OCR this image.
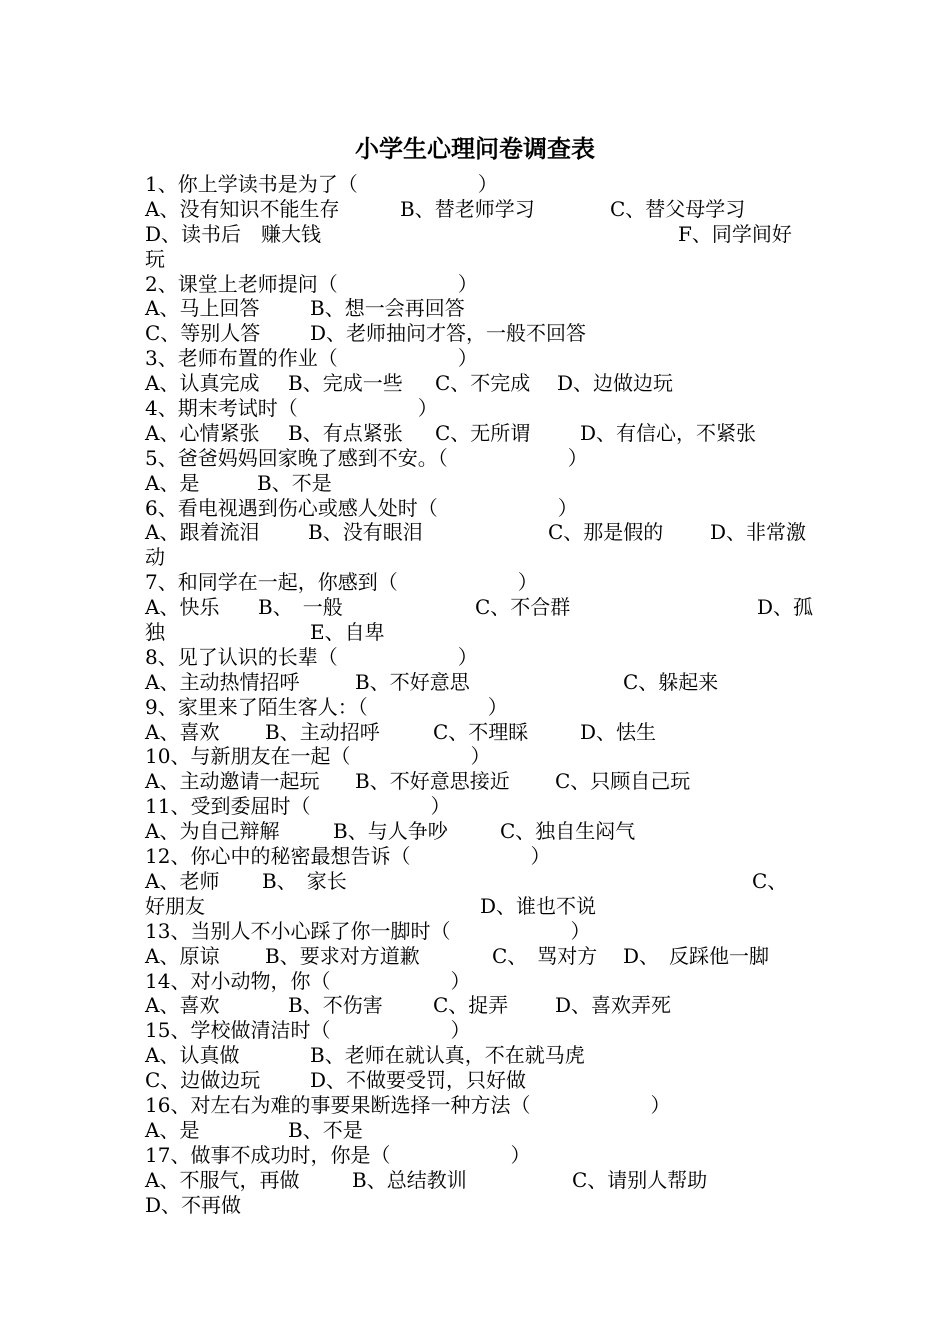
小学生心理问卷调查表
1、你上学读书是为了（　　　　　　）
A、没有知识不能生存	B、替老师学习	C、替父母学习
D、读书后　赚大钱	F、同学间好
玩
2、课堂上老师提问（　　　　　　）
A、马上回答	B、想一会再回答
C、等别人答 D、老师抽问才答，一般不回答
3、老师布置的作业（　　　　　　）
A、认真完成 B、完成一些 C、不完成 D、边做边玩
4、期末考试时（　　　　　　）
A、心情紧张 B、有点紧张 C、无所谓 D、有信心，不紧张
5、爸爸妈妈回家晚了感到不安。（　　　　　　）
A、是	B、不是
6、看电视遇到伤心或感人处时（　　　　　　）
A、跟着流泪 B、没有眼泪	C、那是假的 D、非常激
动
7、和同学在一起，你感到（　　　　　　）
A、快乐 B、　一般	C、不合群	D、孤
独	E、自卑
8、见了认识的长辈（　　　　　　）
A、主动热情招呼	B、不好意思	C、躲起来
9、家里来了陌生客人：（　　　　　　）
A、喜欢 B、主动招呼	C、不理睬	D、怯生
10、与新朋友在一起（　　　　　　）
A、主动邀请一起玩 B、不好意思接近 C、只顾自己玩
11、受到委屈时（　　　　　　）
A、为自己辩解	B、与人争吵	C、独自生闷气
12、你心中的秘密最想告诉（　　　　　　）
A、老师 B、　家长	C、
好朋友	D、谁也不说
13、当别人不小心踩了你一脚时（　　　　　　）
A、原谅 B、要求对方道歉	C、　骂对方 D、　反踩他一脚
14、对小动物，你（　　　　　　）
A、喜欢	B、不伤害	C、捉弄 D、喜欢弄死
15、学校做清洁时（　　　　　　）
A、认真做	B、老师在就认真，不在就马虎
C、边做边玩 D、不做要受罚，只好做
16、对左右为难的事要果断选择一种方法（　　　　　　）
A、是	B、不是
17、做事不成功时，你是（　　　　　　）
A、不服气，再做	B、总结教训	C、请别人帮助
D、不再做
